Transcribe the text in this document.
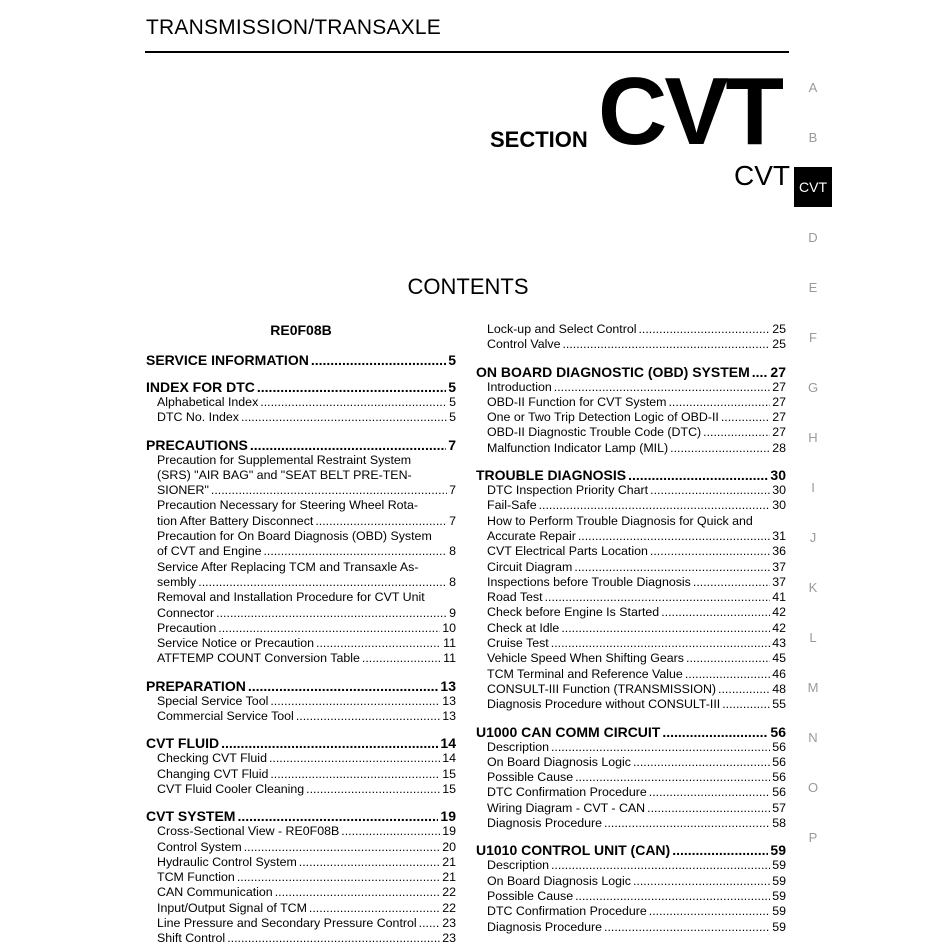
TRANSMISSION/TRANSAXLE
SECTION CVT
CVT
A
B
CVT
D
E
F
G
H
I
J
K
L
M
N
O
P
CONTENTS
RE0F08B
SERVICE INFORMATION .....	5
INDEX FOR DTC .....	5
Alphabetical Index .....	5
DTC No. Index .....	5
PRECAUTIONS .....	7
Precaution for Supplemental Restraint System
(SRS) "AIR BAG" and "SEAT BELT PRE-TEN-
SIONER" .....	7
Precaution Necessary for Steering Wheel Rota-
tion After Battery Disconnect .....	7
Precaution for On Board Diagnosis (OBD) System
of CVT and Engine .....	8
Service After Replacing TCM and Transaxle As-
sembly .....	8
Removal and Installation Procedure for CVT Unit
Connector .....	9
Precaution .....	10
Service Notice or Precaution .....	11
ATFTEMP COUNT Conversion Table .....	11
PREPARATION .....	13
Special Service Tool .....	13
Commercial Service Tool .....	13
CVT FLUID .....	14
Checking CVT Fluid .....	14
Changing CVT Fluid .....	15
CVT Fluid Cooler Cleaning .....	15
CVT SYSTEM .....	19
Cross-Sectional View - RE0F08B .....	19
Control System .....	20
Hydraulic Control System .....	21
TCM Function .....	21
CAN Communication .....	22
Input/Output Signal of TCM .....	22
Line Pressure and Secondary Pressure Control ..... 23
Shift Control .....	23
Lock-up and Select Control .....	25
Control Valve .....	25
ON BOARD DIAGNOSTIC (OBD) SYSTEM ..... 27
Introduction .....	27
OBD-II Function for CVT System .....	27
One or Two Trip Detection Logic of OBD-II .....	27
OBD-II Diagnostic Trouble Code (DTC) .....	27
Malfunction Indicator Lamp (MIL) .....	28
TROUBLE DIAGNOSIS .....	30
DTC Inspection Priority Chart .....	30
Fail-Safe .....	30
How to Perform Trouble Diagnosis for Quick and
Accurate Repair .....	31
CVT Electrical Parts Location .....	36
Circuit Diagram .....	37
Inspections before Trouble Diagnosis .....	37
Road Test .....	41
Check before Engine Is Started .....	42
Check at Idle .....	42
Cruise Test .....	43
Vehicle Speed When Shifting Gears .....	45
TCM Terminal and Reference Value .....	46
CONSULT-III Function (TRANSMISSION) .....	48
Diagnosis Procedure without CONSULT-III .....	55
U1000 CAN COMM CIRCUIT .....	56
Description .....	56
On Board Diagnosis Logic .....	56
Possible Cause .....	56
DTC Confirmation Procedure .....	56
Wiring Diagram - CVT - CAN .....	57
Diagnosis Procedure .....	58
U1010 CONTROL UNIT (CAN) .....	59
Description .....	59
On Board Diagnosis Logic .....	59
Possible Cause .....	59
DTC Confirmation Procedure .....	59
Diagnosis Procedure .....	59
